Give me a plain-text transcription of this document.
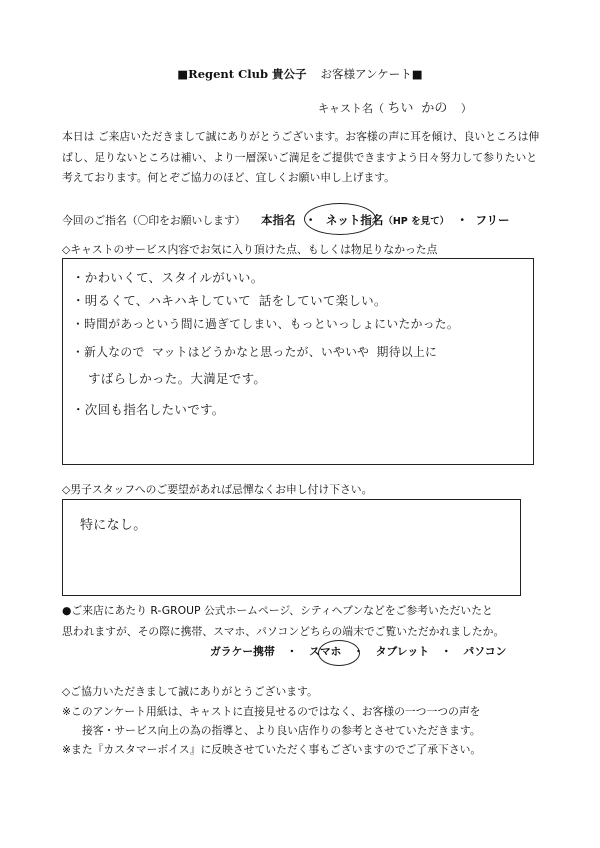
■Regent Club 貴公子 お客様アンケート■
キャスト名（ ちい かの ）
本日は ご来店いただきまして誠にありがとうございます。お客様の声に耳を傾け、良いところは伸ばし、足りないところは補い、より一層深いご満足をご提供できますよう日々努力して参りたいと考えております。何とぞご協力のほど、宜しくお願い申し上げます。
今回のご指名（〇印をお願いします） 本指名 ・ ネット指名（HP を見て） ・ フリー
◇キャストのサービス内容でお気に入り頂けた点、もしくは物足りなかった点
・かわいくて、スタイルがいい。
・明るくて、ハキハキしていて 話をしていて楽しい。
・時間があっという間に過ぎてしまい、もっといっしょにいたかった。
・新人なので マットはどうかなと思ったが、いやいや 期待以上に
すばらしかった。大満足です。
・次回も指名したいです。
◇男子スタッフへのご要望があれば忌憚なくお申し付け下さい。
特になし。
●ご来店にあたり R-GROUP 公式ホームページ、シティヘブンなどをご参考いただいたと
思われますが、その際に携帯、スマホ、パソコンどちらの端末でご覧いただかれましたか。
ガラケー携帯 ・ スマホ ・ タブレット ・ パソコン
◇ご協力いただきまして誠にありがとうございます。
※このアンケート用紙は、キャストに直接見せるのではなく、お客様の一つ一つの声を
接客・サービス向上の為の指導と、より良い店作りの参考とさせていただきます。
※また『カスタマーボイス』に反映させていただく事もございますのでご了承下さい。
